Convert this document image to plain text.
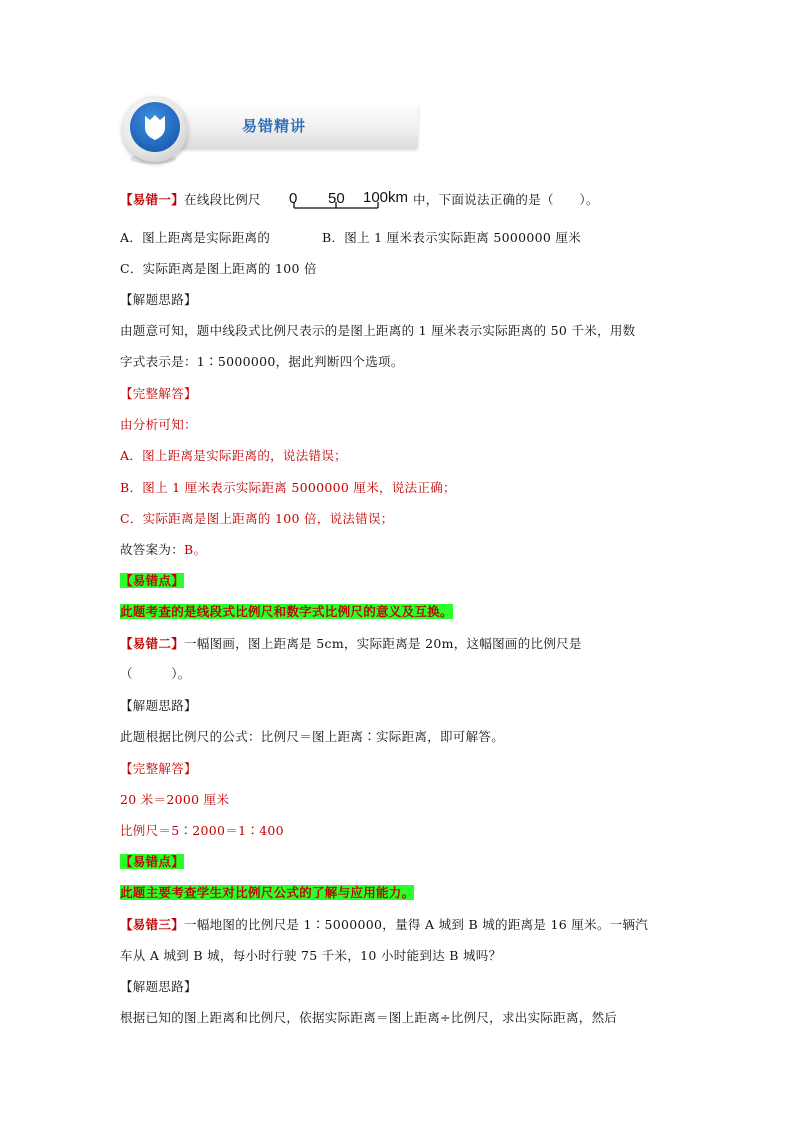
易错精讲
【易错一】在线段比例尺 0 50 100km 中，下面说法正确的是（　　）。
A．图上距离是实际距离的	B．图上 1 厘米表示实际距离 5000000 厘米
C．实际距离是图上距离的 100 倍
【解题思路】
由题意可知，题中线段式比例尺表示的是图上距离的 1 厘米表示实际距离的 50 千米，用数
字式表示是：1∶5000000，据此判断四个选项。
【完整解答】
由分析可知：
A．图上距离是实际距离的，说法错误；
B．图上 1 厘米表示实际距离 5000000 厘米，说法正确；
C．实际距离是图上距离的 100 倍，说法错误；
故答案为：B。
【易错点】
此题考查的是线段式比例尺和数字式比例尺的意义及互换。
【易错二】一幅图画，图上距离是 5cm，实际距离是 20m，这幅图画的比例尺是
（　　　）。
【解题思路】
此题根据比例尺的公式：比例尺＝图上距离∶实际距离，即可解答。
【完整解答】
20 米＝2000 厘米
比例尺＝5∶2000＝1∶400
【易错点】
此题主要考查学生对比例尺公式的了解与应用能力。
【易错三】一幅地图的比例尺是 1∶5000000，量得 A 城到 B 城的距离是 16 厘米。一辆汽
车从 A 城到 B 城，每小时行驶 75 千米，10 小时能到达 B 城吗？
【解题思路】
根据已知的图上距离和比例尺，依据实际距离＝图上距离÷比例尺，求出实际距离，然后
